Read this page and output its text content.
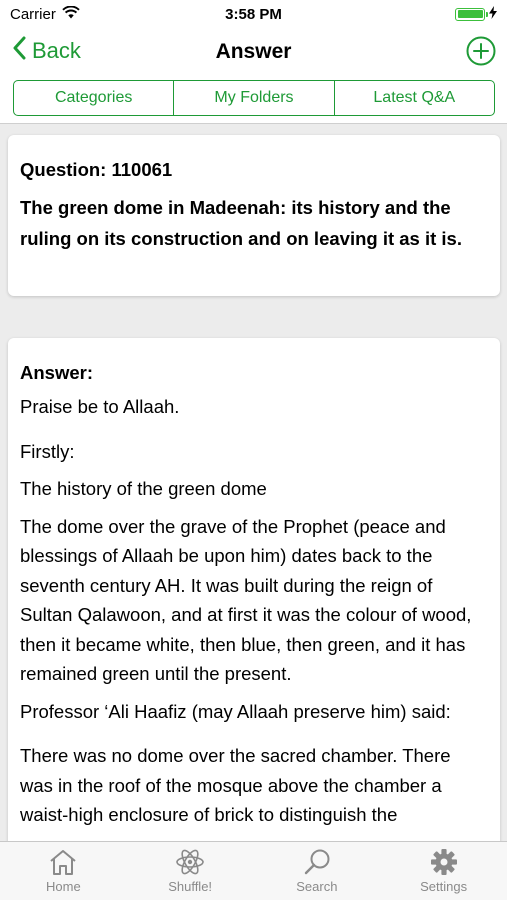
Carrier	3:58 PM
Back	Answer
Categories	My Folders	Latest Q&A
Question: 110061
The green dome in Madeenah: its history and the ruling on its construction and on leaving it as it is.
Answer:
Praise be to Allaah.
Firstly:
The history of the green dome
The dome over the grave of the Prophet (peace and blessings of Allaah be upon him) dates back to the seventh century AH. It was built during the reign of Sultan Qalawoon, and at first it was the colour of wood, then it became white, then blue, then green, and it has remained green until the present.
Professor ‘Ali Haafiz (may Allaah preserve him) said:
There was no dome over the sacred chamber. There was in the roof of the mosque above the chamber a waist-high enclosure of brick to distinguish the
Home	Shuffle!	Search	Settings
